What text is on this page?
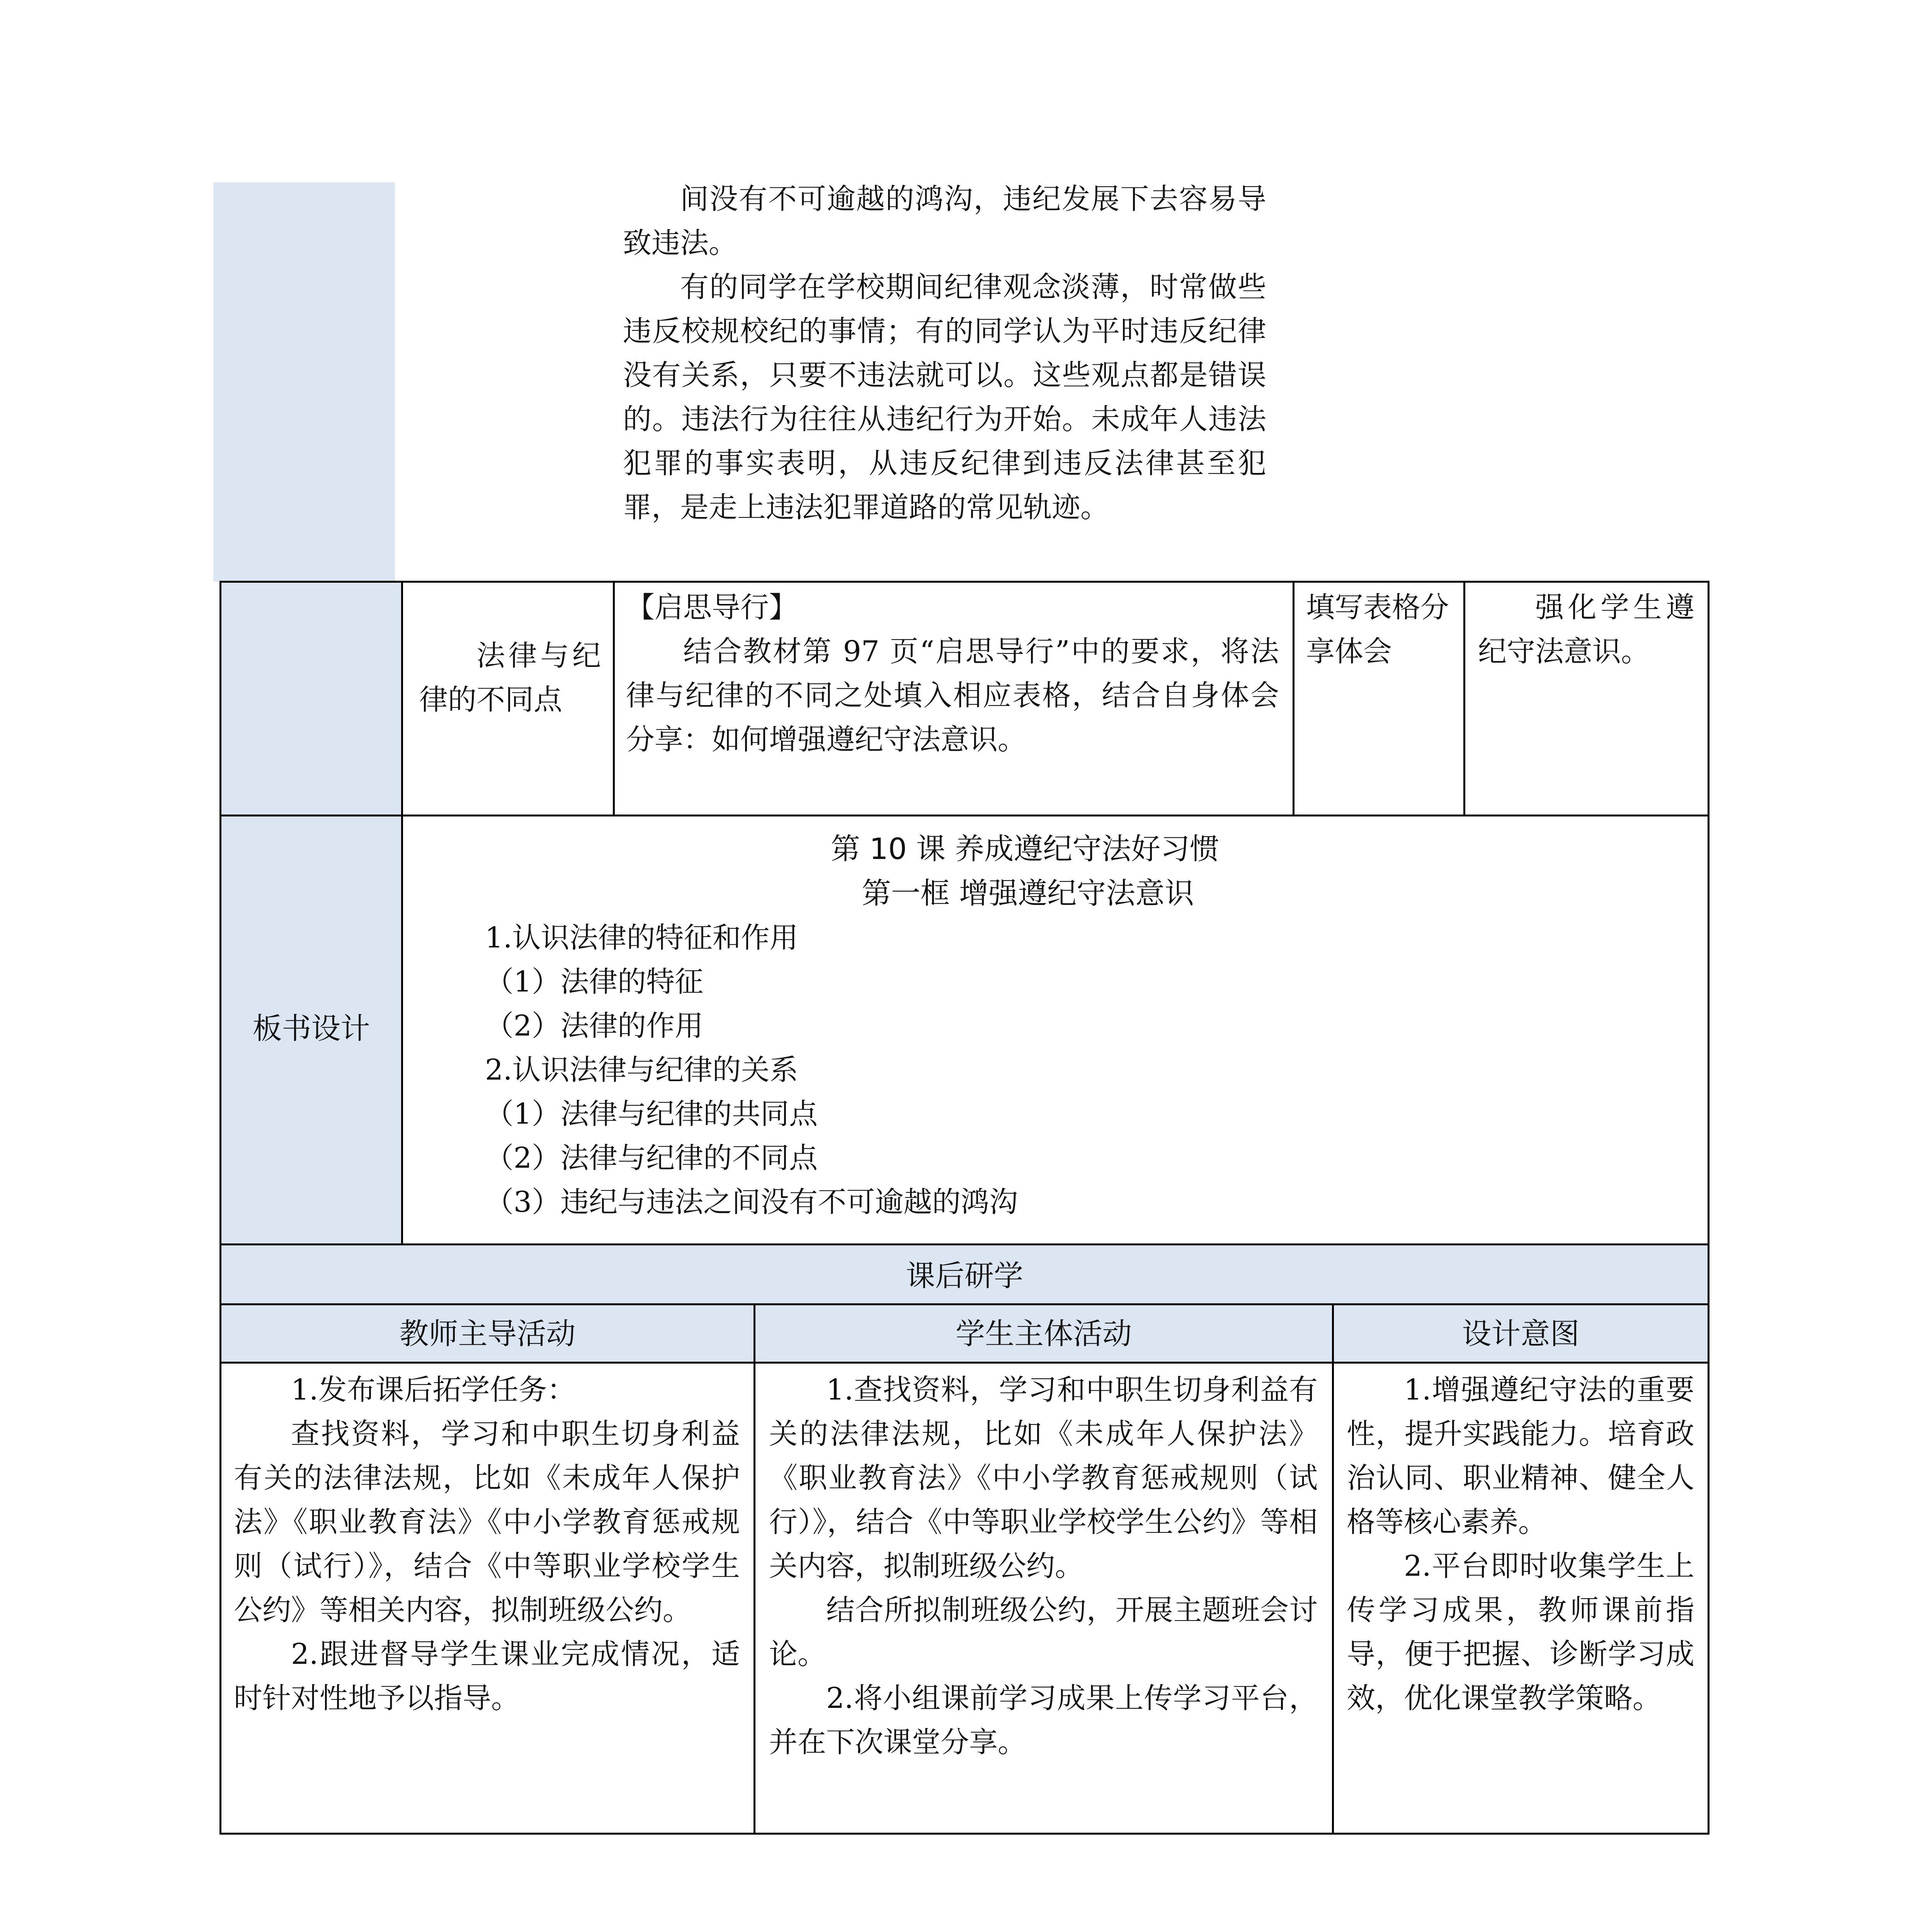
间没有不可逾越的鸿沟，违纪发展下去容易导致违法。

有的同学在学校期间纪律观念淡薄，时常做些违反校规校纪的事情；有的同学认为平时违反纪律没有关系，只要不违法就可以。这些观点都是错误的。违法行为往往从违纪行为开始。未成年人违法犯罪的事实表明，从违反纪律到违反法律甚至犯罪，是走上违法犯罪道路的常见轨迹。

法律与纪律的不同点

【启思导行】

结合教材第 97 页“启思导行”中的要求，将法律与纪律的不同之处填入相应表格，结合自身体会分享：如何增强遵纪守法意识。

填写表格分享体会

强化学生遵纪守法意识。

板书设计
第 10 课 养成遵纪守法好习惯
第一框 增强遵纪守法意识

1.认识法律的特征和作用

（1）法律的特征

（2）法律的作用

2.认识法律与纪律的关系

（1）法律与纪律的共同点

（2）法律与纪律的不同点

（3）违纪与违法之间没有不可逾越的鸿沟

课后研学
教师主导活动	学生主体活动	设计意图

1.发布课后拓学任务：

查找资料，学习和中职生切身利益有关的法律法规，比如《未成年人保护法》《职业教育法》《中小学教育惩戒规则（试行）》，结合《中等职业学校学生公约》等相关内容，拟制班级公约。

2.跟进督导学生课业完成情况，适时针对性地予以指导。

1.查找资料，学习和中职生切身利益有关的法律法规，比如《未成年人保护法》《职业教育法》《中小学教育惩戒规则（试行）》，结合《中等职业学校学生公约》等相关内容，拟制班级公约。

结合所拟制班级公约，开展主题班会讨论。

2.将小组课前学习成果上传学习平台，并在下次课堂分享。

1.增强遵纪守法的重要性，提升实践能力。培育政治认同、职业精神、健全人格等核心素养。

2.平台即时收集学生上传学习成果，教师课前指导，便于把握、诊断学习成效，优化课堂教学策略。
